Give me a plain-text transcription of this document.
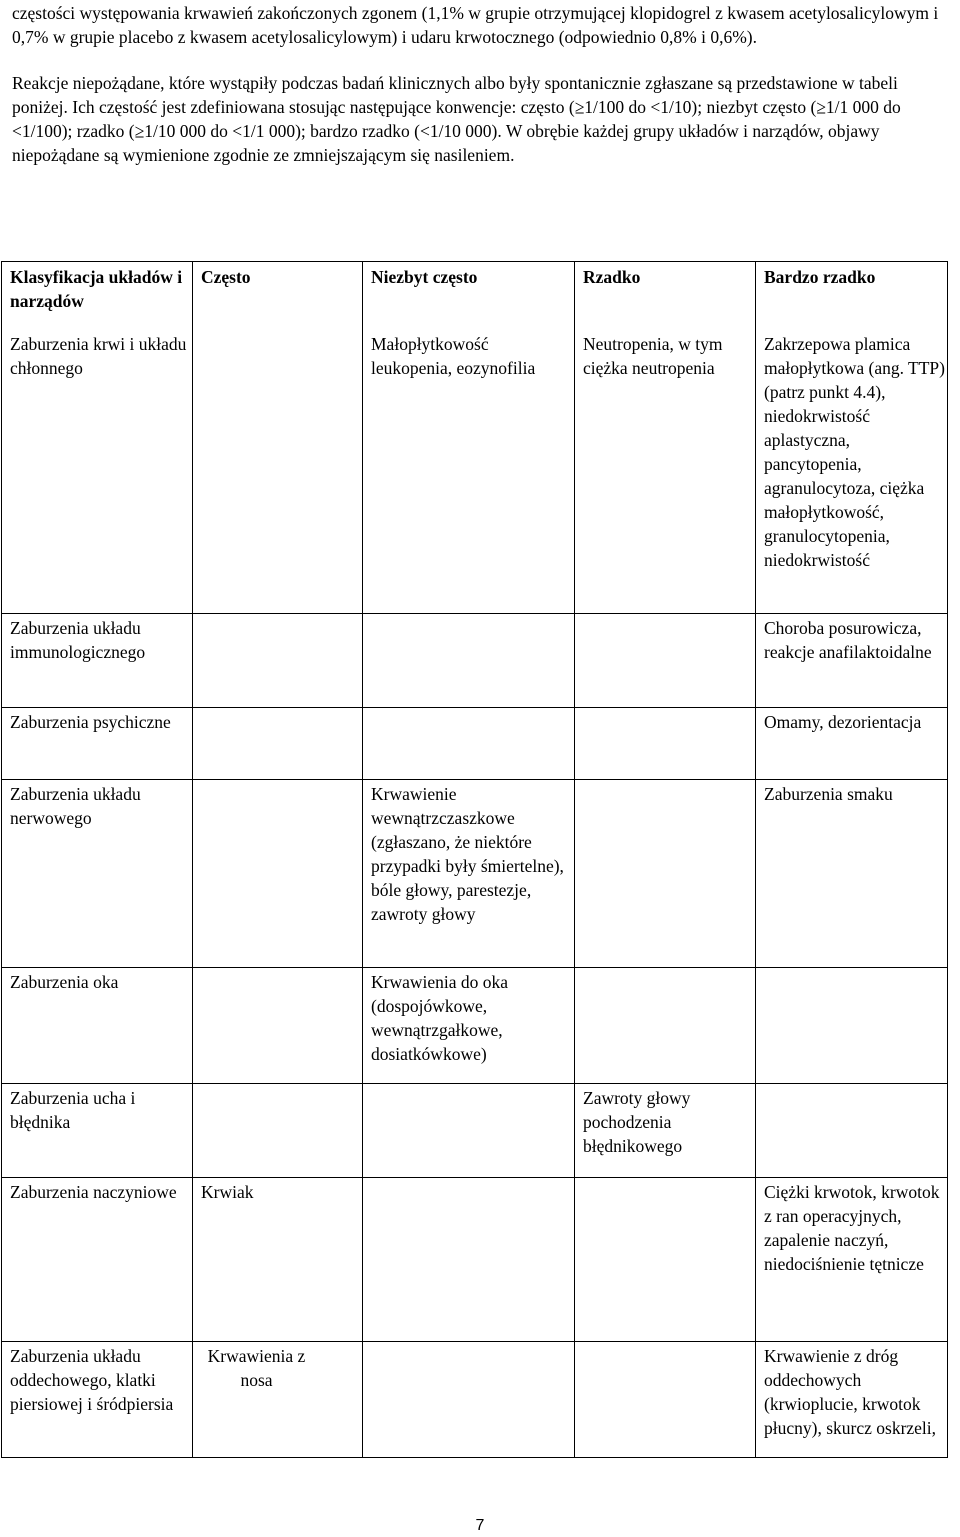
częstości występowania krwawień zakończonych zgonem (1,1% w grupie otrzymującej klopidogrel z kwasem acetylosalicylowym i 0,7% w grupie placebo z kwasem acetylosalicylowym) i udaru krwotocznego (odpowiednio 0,8% i 0,6%).

Reakcje niepożądane, które wystąpiły podczas badań klinicznych albo były spontanicznie zgłaszane są przedstawione w tabeli poniżej. Ich częstość jest zdefiniowana stosując następujące konwencje: często (≥1/100 do <1/10); niezbyt często (≥1/1 000 do <1/100); rzadko (≥1/10 000 do <1/1 000); bardzo rzadko (<1/10 000). W obrębie każdej grupy układów i narządów, objawy niepożądane są wymienione zgodnie ze zmniejszającym się nasileniem.

Klasyfikacja układów i narządów	Często	Niezbyt często	Rzadko	Bardzo rzadko
Zaburzenia krwi i układu chłonnego		Małopłytkowość leukopenia, eozynofilia	Neutropenia, w tym ciężka neutropenia	Zakrzepowa plamica małopłytkowa (ang. TTP) (patrz punkt 4.4), niedokrwistość aplastyczna, pancytopenia, agranulocytoza, ciężka małopłytkowość, granulocytopenia, niedokrwistość
Zaburzenia układu immunologicznego				Choroba posurowicza, reakcje anafilaktoidalne
Zaburzenia psychiczne				Omamy, dezorientacja
Zaburzenia układu nerwowego		Krwawienie wewnątrzczaszkowe (zgłaszano, że niektóre przypadki były śmiertelne), bóle głowy, parestezje, zawroty głowy		Zaburzenia smaku
Zaburzenia oka		Krwawienia do oka (dospojówkowe, wewnątrzgałkowe, dosiatkówkowe)		
Zaburzenia ucha i błędnika			Zawroty głowy pochodzenia błędnikowego	
Zaburzenia naczyniowe	Krwiak			Ciężki krwotok, krwotok z ran operacyjnych, zapalenie naczyń, niedociśnienie tętnicze
Zaburzenia układu oddechowego, klatki piersiowej i śródpiersia	Krwawienia z nosa			Krwawienie z dróg oddechowych (krwioplucie, krwotok płucny), skurcz oskrzeli,
7
